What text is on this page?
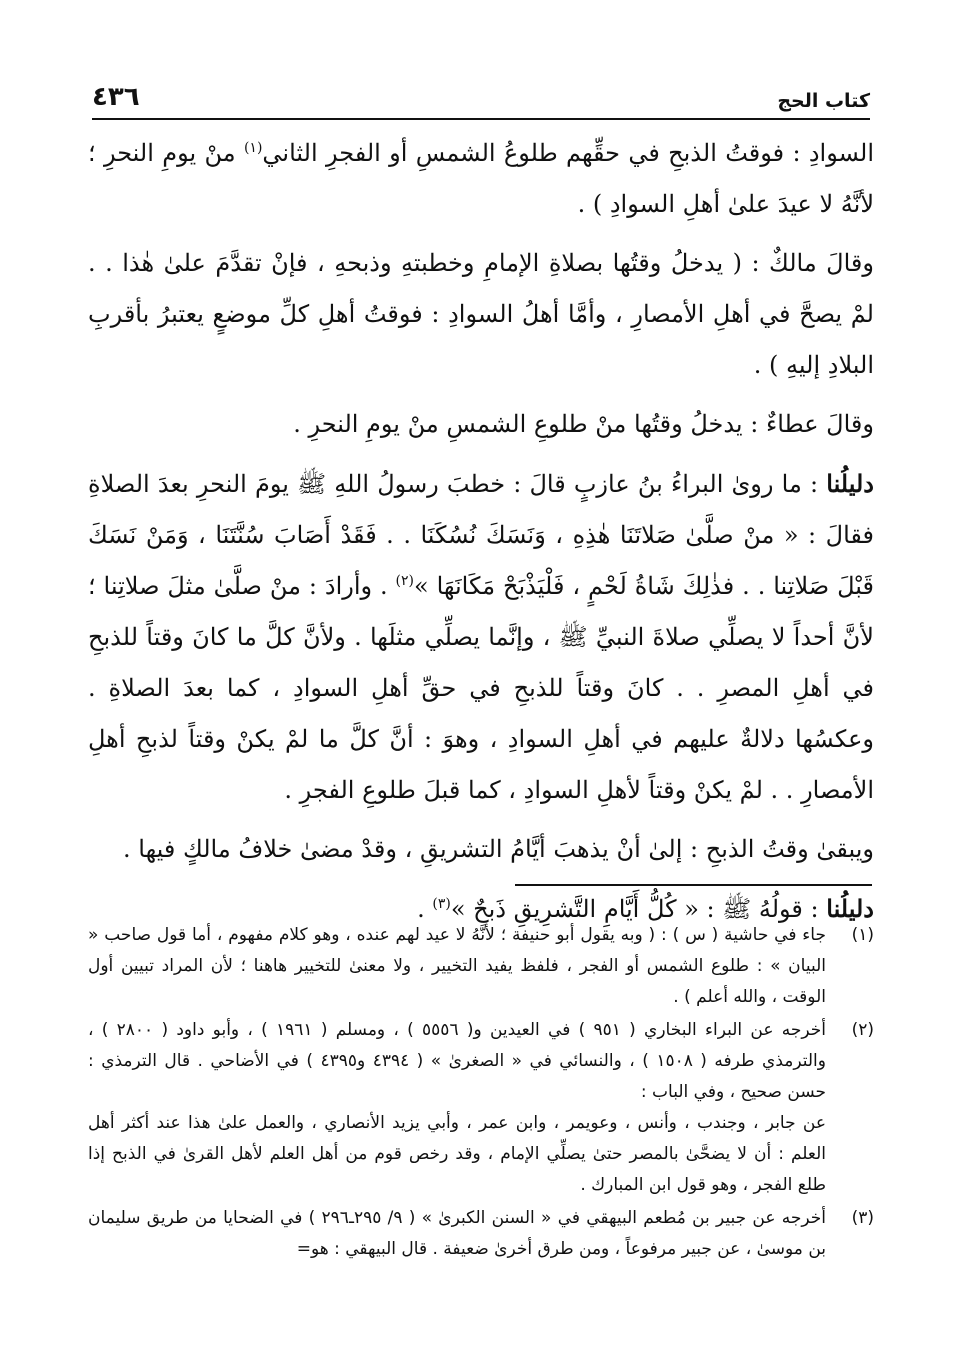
٤٣٦	كتاب الحج

السوادِ : فوقتُ الذبحِ في حقِّهم طلوعُ الشمسِ أو الفجرِ الثاني$^{(١)}$ منْ يومِ النحرِ ؛ لأنَّهُ لا عيدَ علىٰ أهلِ السوادِ ) .

وقالَ مالكٌ : ( يدخلُ وقتُها بصلاةِ الإمامِ وخطبتهِ وذبحهِ ، فإنْ تقدَّمَ علىٰ هٰذا . . لمْ يصحَّ في أهلِ الأمصارِ ، وأمَّا أهلُ السوادِ : فوقتُ أهلِ كلِّ موضعٍ يعتبرُ بأقربِ البلادِ إليهِ ) .

وقالَ عطاءٌ : يدخلُ وقتُها منْ طلوعِ الشمسِ منْ يومِ النحرِ .

دليلُنا : ما روىٰ البراءُ بنُ عازبٍ قالَ : خطبَ رسولُ اللهِ ﷺ يومَ النحرِ بعدَ الصلاةِ فقالَ : « منْ صلَّىٰ صَلاتَنَا هٰذِهِ ، وَنَسَكَ نُسُكَنَا . . فَقَدْ أَصَابَ سُنَّتَنَا ، وَمَنْ نَسَكَ قَبْلَ صَلاتِنا . . فذٰلِكَ شَاةُ لَحْمٍ ، فَلْيَذْبَحْ مَكَانَهَا »$^{(٢)}$ . وأرادَ : منْ صلَّىٰ مثلَ صلاتِنا ؛ لأنَّ أحداً لا يصلِّي صلاةَ النبيِّ ﷺ ، وإنَّما يصلِّي مثلَها . ولأنَّ كلَّ ما كانَ وقتاً للذبحِ في أهلِ المصرِ . . كانَ وقتاً للذبحِ في حقِّ أهلِ السوادِ ، كما بعدَ الصلاةِ . وعكسُها دلالةٌ عليهم في أهلِ السوادِ ، وهوَ : أنَّ كلَّ ما لمْ يكنْ وقتاً لذبحِ أهلِ الأمصارِ . . لمْ يكنْ وقتاً لأهلِ السوادِ ، كما قبلَ طلوعِ الفجرِ .

ويبقىٰ وقتُ الذبحِ : إلىٰ أنْ يذهبَ أيَّامُ التشريقِ ، وقدْ مضىٰ خلافُ مالكٍ فيها .

دليلُنا : قولُهُ ﷺ : « كُلُّ أَيَّامِ التَّشرِيقِ ذَبحٌ »$^{(٣)}$ .

(١)

جاء في حاشية ( س ) : ( وبه يقول أبو حنيفة ؛ لأنَّهُ لا عيد لهم عنده ، وهو كلام مفهوم ، أما قول صاحب « البيان » : طلوع الشمس أو الفجر ، فلفظ يفيد التخيير ، ولا معنىٰ للتخيير هاهنا ؛ لأن المراد تبيين أول الوقت ، والله أعلم ) .

(٢)

أخرجه عن البراء البخاري ( ٩٥١ ) في العيدين و( ٥٥٥٦ ) ، ومسلم ( ١٩٦١ ) ، وأبو داود ( ٢٨٠٠ ) ، والترمذي طرفه ( ١٥٠٨ ) ، والنسائي في « الصغرىٰ » ( ٤٣٩٤ و٤٣٩٥ ) في الأضاحي . قال الترمذي : حسن صحيح ، وفي الباب :

عن جابر ، وجندب ، وأنس ، وعويمر ، وابن عمر ، وأبي يزيد الأنصاري ، والعمل علىٰ هذا عند أكثر أهل العلم : أن لا يضحَّىٰ بالمصر حتىٰ يصلِّي الإمام ، وقد رخص قوم من أهل العلم لأهل القرىٰ في الذبح إذا طلع الفجر ، وهو قول ابن المبارك .

(٣)

أخرجه عن جبير بن مُطعم البيهقي في « السنن الكبرىٰ » ( ٩/ ٢٩٥ـ٢٩٦ ) في الضحايا من طريق سليمان بن موسىٰ ، عن جبير مرفوعاً ، ومن طرق أخرىٰ ضعيفة . قال البيهقي : هو=
